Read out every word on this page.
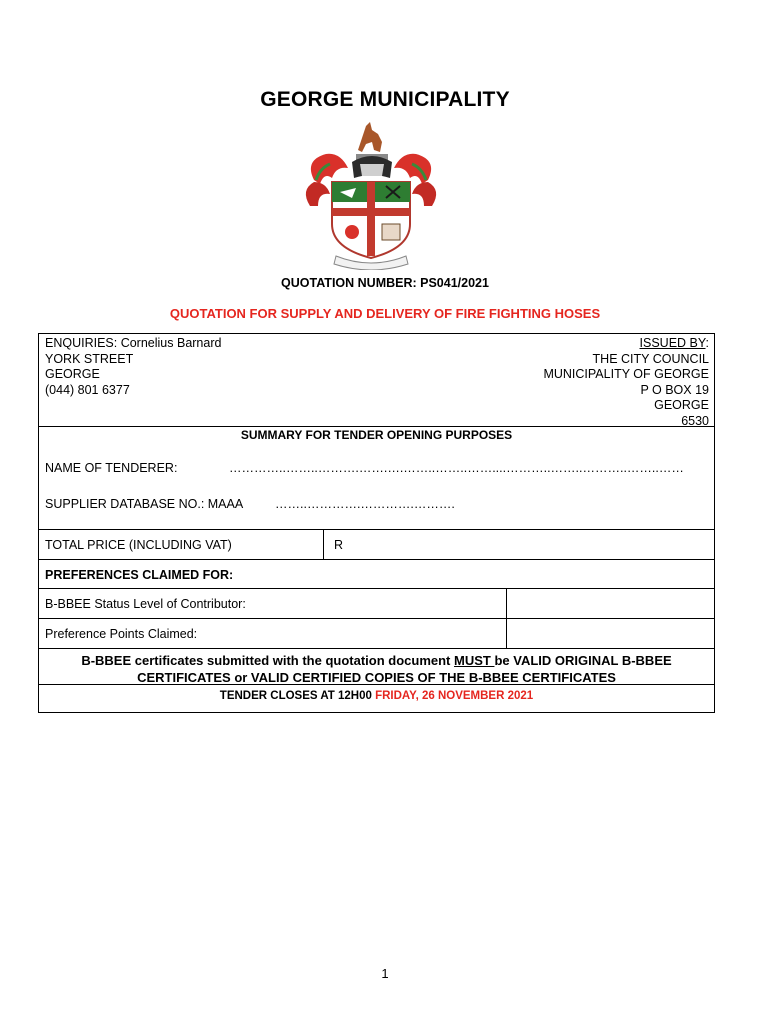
GEORGE MUNICIPALITY
QUOTATION NUMBER: PS041/2021
QUOTATION FOR SUPPLY AND DELIVERY OF FIRE FIGHTING HOSES
ENQUIRIES: Cornelius Barnard
YORK STREET
GEORGE
(044) 801 6377
ISSUED BY:
THE CITY COUNCIL
MUNICIPALITY OF GEORGE
P O BOX 19
GEORGE
6530
SUMMARY FOR TENDER OPENING PURPOSES
NAME OF TENDERER:	…………..……..……….…….….……..……..……....………..……..………..……..……
SUPPLIER DATABASE NO.: MAAA	……..………….………….……….
TOTAL PRICE (INCLUDING VAT)	R
PREFERENCES CLAIMED FOR:
B-BBEE Status Level of Contributor:
Preference Points Claimed:
B-BBEE certificates submitted with the quotation document MUST be VALID ORIGINAL B-BBEE CERTIFICATES or VALID CERTIFIED COPIES OF THE B-BBEE CERTIFICATES
TENDER CLOSES AT 12H00 FRIDAY, 26 NOVEMBER 2021
1
